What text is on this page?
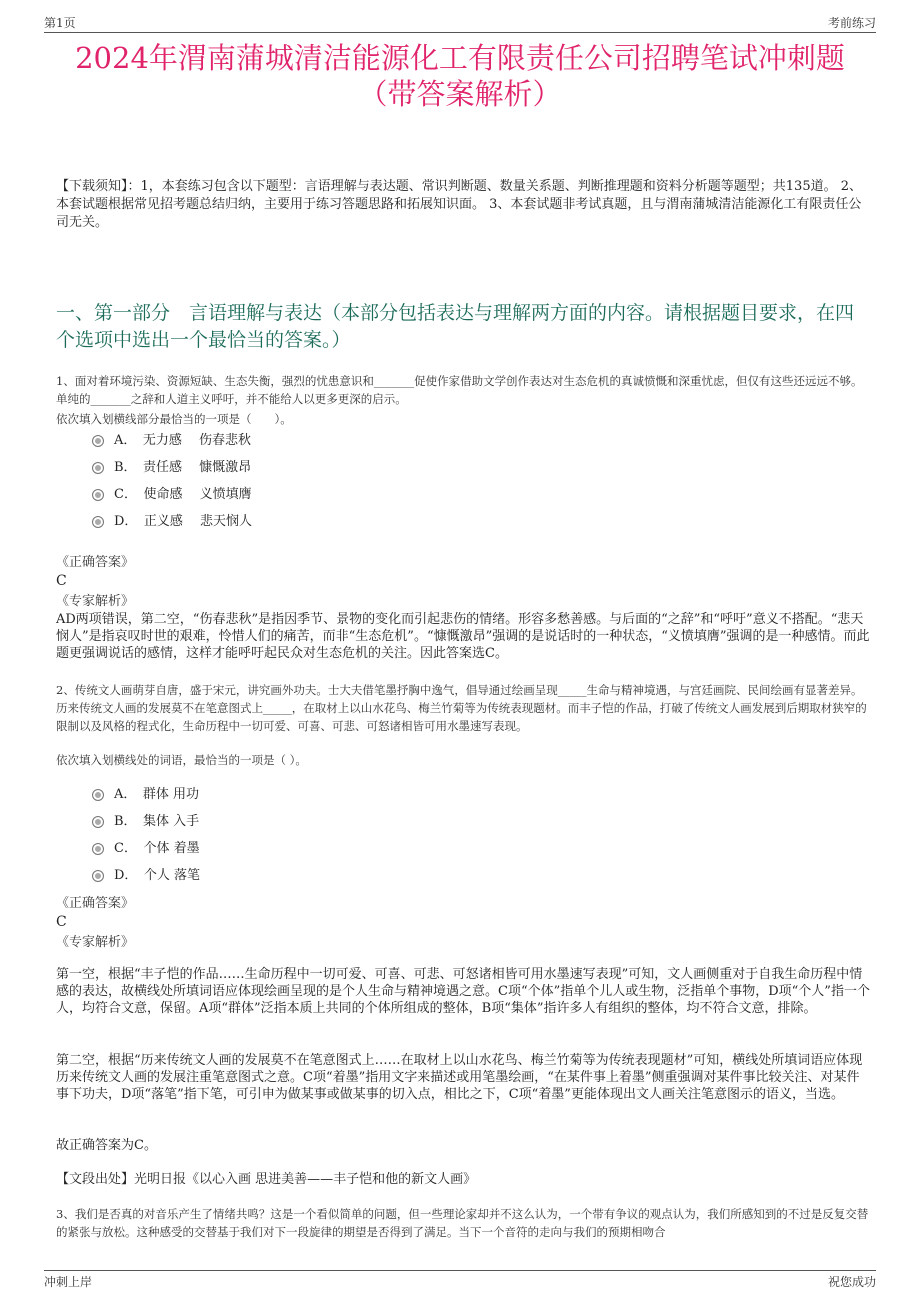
第1页	考前练习
2024年渭南蒲城清洁能源化工有限责任公司招聘笔试冲刺题
（带答案解析）
【下载须知】：1，本套练习包含以下题型：言语理解与表达题、常识判断题、数量关系题、判断推理题和资料分析题等题型；共135道。 2、本套试题根据常见招考题总结归纳，主要用于练习答题思路和拓展知识面。 3、本套试题非考试真题，且与渭南蒲城清洁能源化工有限责任公司无关。
一、第一部分　言语理解与表达（本部分包括表达与理解两方面的内容。请根据题目要求，在四个选项中选出一个最恰当的答案。）
1、面对着环境污染、资源短缺、生态失衡，强烈的忧患意识和_______促使作家借助文学创作表达对生态危机的真诚愤慨和深重忧虑，但仅有这些还远远不够。单纯的_______之辞和人道主义呼吁，并不能给人以更多更深的启示。
依次填入划横线部分最恰当的一项是（　　）。
A．　无力感　 伤春悲秋
B．　责任感　 慷慨激昂
C．　使命感　 义愤填膺
D．　正义感　 悲天悯人
《正确答案》
C
《专家解析》
AD两项错误，第二空，“伤春悲秋”是指因季节、景物的变化而引起悲伤的情绪。形容多愁善感。与后面的“之辞”和“呼吁”意义不搭配。“悲天悯人”是指哀叹时世的艰难，怜惜人们的痛苦，而非“生态危机”。“慷慨激昂”强调的是说话时的一种状态，“义愤填膺”强调的是一种感情。而此题更强调说话的感情，这样才能呼吁起民众对生态危机的关注。因此答案选C。
2、传统文人画萌芽自唐，盛于宋元，讲究画外功夫。士大夫借笔墨抒胸中逸气，倡导通过绘画呈现_____生命与精神境遇，与宫廷画院、民间绘画有显著差异。历来传统文人画的发展莫不在笔意图式上_____，在取材上以山水花鸟、梅兰竹菊等为传统表现题材。而丰子恺的作品，打破了传统文人画发展到后期取材狭窄的限制以及风格的程式化，生命历程中一切可爱、可喜、可悲、可怒诸相皆可用水墨速写表现。
依次填入划横线处的词语，最恰当的一项是（ ）。
A．　群体 用功
B．　集体 入手
C．　个体 着墨
D．　个人 落笔
《正确答案》
C
《专家解析》
第一空，根据“丰子恺的作品……生命历程中一切可爱、可喜、可悲、可怒诸相皆可用水墨速写表现”可知，文人画侧重对于自我生命历程中情感的表达，故横线处所填词语应体现绘画呈现的是个人生命与精神境遇之意。C项“个体”指单个儿人或生物，泛指单个事物，D项“个人”指一个人，均符合文意，保留。A项“群体”泛指本质上共同的个体所组成的整体，B项“集体”指许多人有组织的整体，均不符合文意，排除。
第二空，根据“历来传统文人画的发展莫不在笔意图式上……在取材上以山水花鸟、梅兰竹菊等为传统表现题材”可知，横线处所填词语应体现历来传统文人画的发展注重笔意图式之意。C项“着墨”指用文字来描述或用笔墨绘画，“在某件事上着墨”侧重强调对某件事比较关注、对某件事下功夫，D项“落笔”指下笔，可引申为做某事或做某事的切入点，相比之下，C项“着墨”更能体现出文人画关注笔意图示的语义，当选。
故正确答案为C。
【文段出处】光明日报《以心入画 思进美善——丰子恺和他的新文人画》
3、我们是否真的对音乐产生了情绪共鸣？这是一个看似简单的问题，但一些理论家却并不这么认为，一个带有争议的观点认为，我们所感知到的不过是反复交替的紧张与放松。这种感受的交替基于我们对下一段旋律的期望是否得到了满足。当下一个音符的走向与我们的预期相吻合
冲刺上岸	祝您成功
